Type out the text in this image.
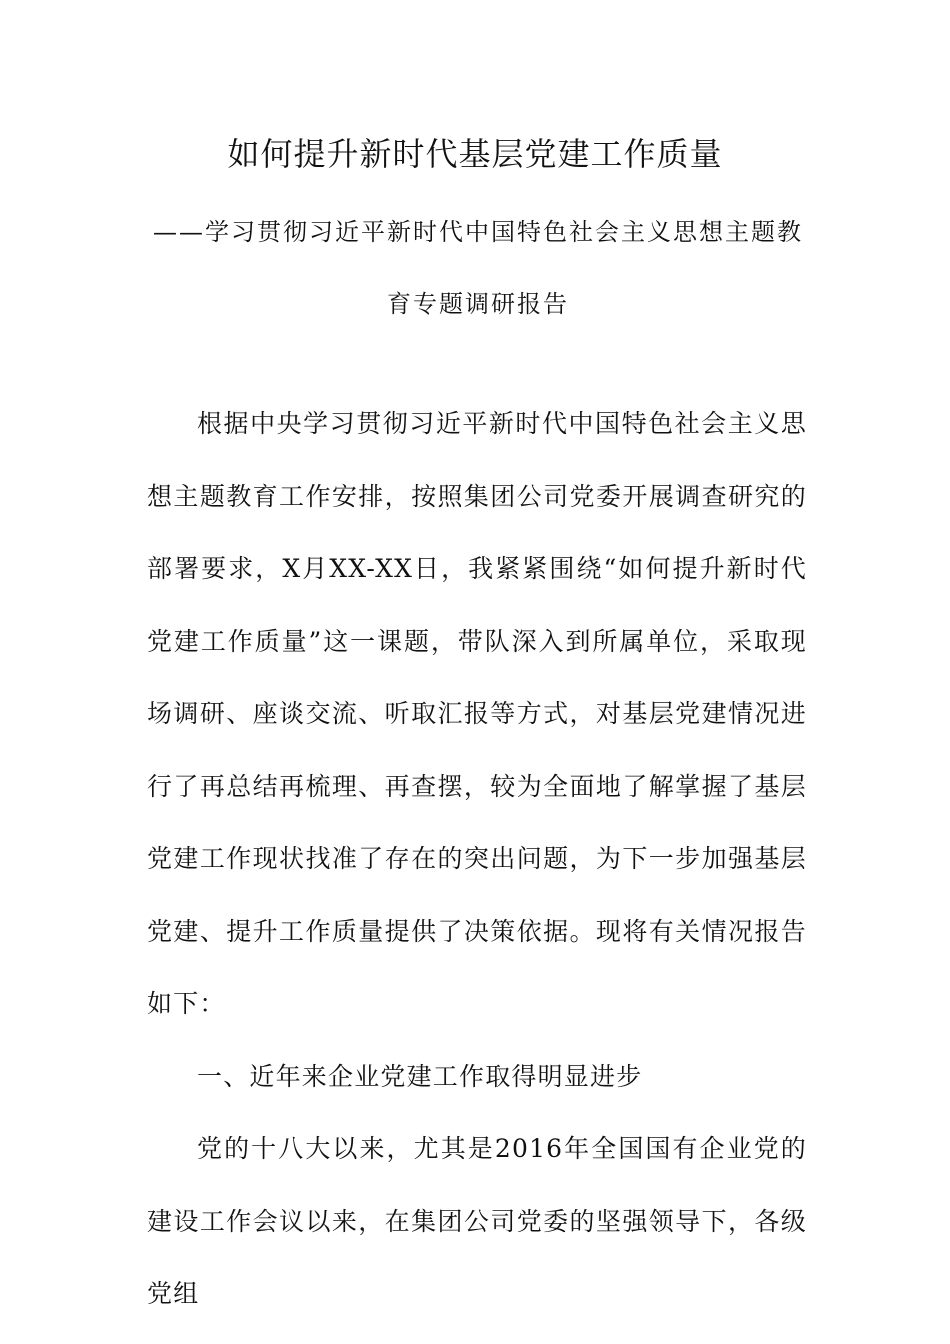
如何提升新时代基层党建工作质量

——学习贯彻习近平新时代中国特色社会主义思想主题教育专题调研报告

根据中央学习贯彻习近平新时代中国特色社会主义思想主题教育工作安排，按照集团公司党委开展调查研究的部署要求，X月XX-XX日，我紧紧围绕“如何提升新时代党建工作质量”这一课题，带队深入到所属单位，采取现场调研、座谈交流、听取汇报等方式，对基层党建情况进行了再总结再梳理、再查摆，较为全面地了解掌握了基层党建工作现状找准了存在的突出问题，为下一步加强基层党建、提升工作质量提供了决策依据。现将有关情况报告如下：

一、近年来企业党建工作取得明显进步

党的十八大以来，尤其是2016年全国国有企业党的建设工作会议以来，在集团公司党委的坚强领导下，各级党组
